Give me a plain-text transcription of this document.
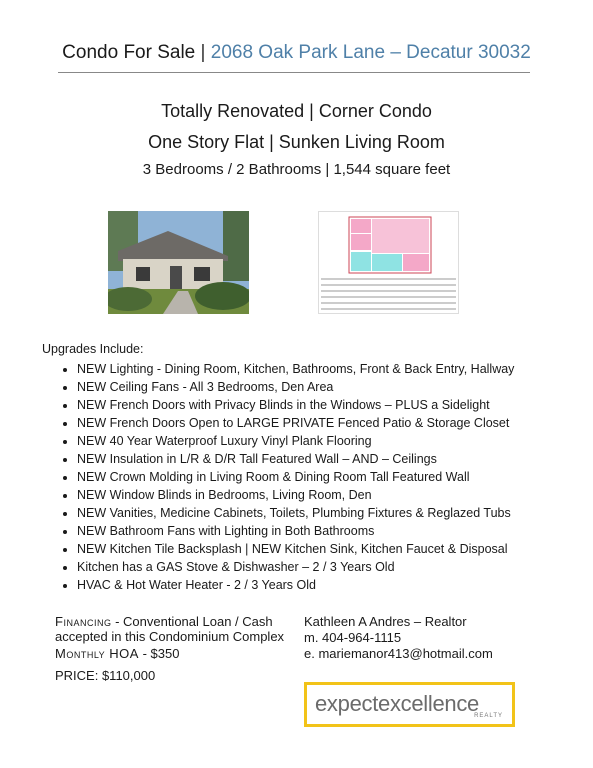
Condo For Sale | 2068 Oak Park Lane – Decatur 30032
Totally Renovated | Corner Condo
One Story Flat | Sunken Living Room
3 Bedrooms / 2 Bathrooms | 1,544 square feet
Upgrades Include:
• NEW Lighting - Dining Room, Kitchen, Bathrooms, Front & Back Entry, Hallway
• NEW Ceiling Fans - All 3 Bedrooms, Den Area
• NEW French Doors with Privacy Blinds in the Windows – PLUS a Sidelight
• NEW French Doors Open to LARGE PRIVATE Fenced Patio & Storage Closet
• NEW 40 Year Waterproof Luxury Vinyl Plank Flooring
• NEW Insulation in L/R & D/R Tall Featured Wall – AND – Ceilings
• NEW Crown Molding in Living Room & Dining Room Tall Featured Wall
• NEW Window Blinds in Bedrooms, Living Room, Den
• NEW Vanities, Medicine Cabinets, Toilets, Plumbing Fixtures & Reglazed Tubs
• NEW Bathroom Fans with Lighting in Both Bathrooms
• NEW Kitchen Tile Backsplash | NEW Kitchen Sink, Kitchen Faucet & Disposal
• Kitchen has a GAS Stove & Dishwasher – 2 / 3 Years Old
• HVAC & Hot Water Heater - 2 / 3 Years Old
Financing - Conventional Loan / Cash accepted in this Condominium Complex
Monthly HOA - $350
PRICE: $110,000
Kathleen A Andres – Realtor
m. 404-964-1115
e. mariemanor413@hotmail.com
expectexcellence
REALTY
